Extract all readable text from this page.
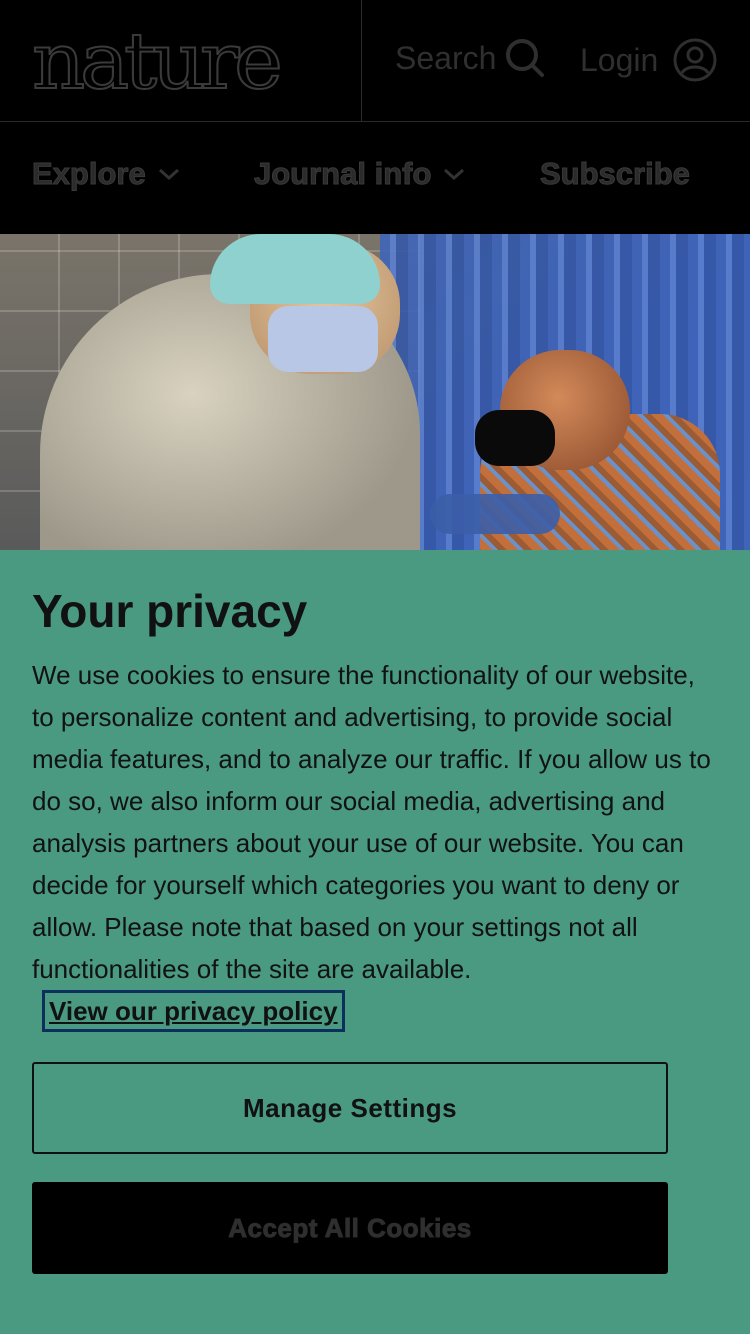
nature	Search	Login
Explore	Journal info	Subscribe
Your privacy

We use cookies to ensure the functionality of our website, to personalize content and advertising, to provide social media features, and to analyze our traffic. If you allow us to do so, we also inform our social media, advertising and analysis partners about your use of our website. You can decide for yourself which categories you want to deny or allow. Please note that based on your settings not all functionalities of the site are available.View our privacy policy

Manage Settings
Accept All Cookies
